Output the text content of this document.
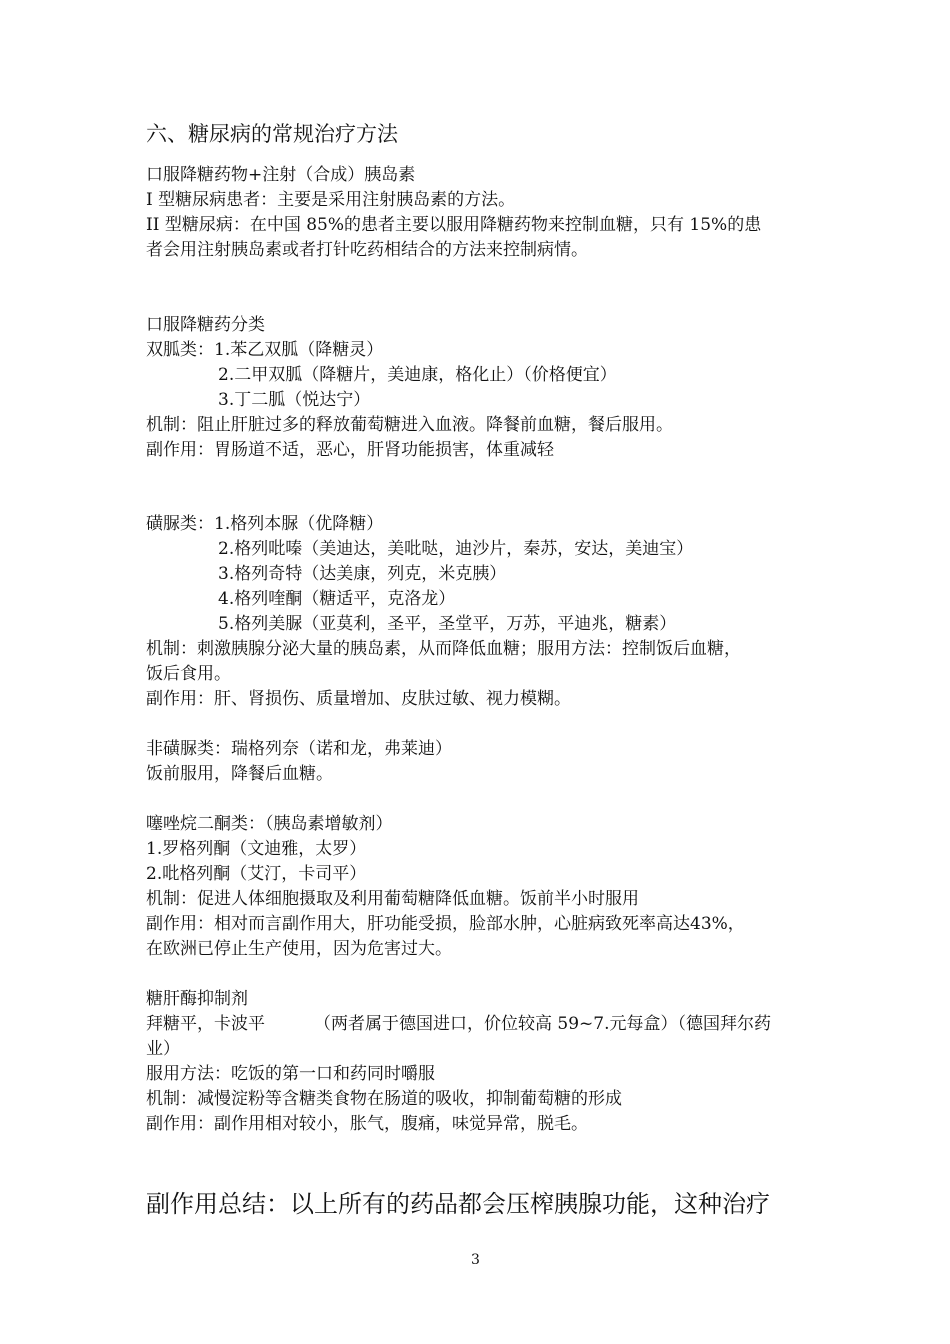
六、糖尿病的常规治疗方法
口服降糖药物+注射（合成）胰岛素
I 型糖尿病患者：主要是采用注射胰岛素的方法。
II 型糖尿病：在中国 85%的患者主要以服用降糖药物来控制血糖，只有 15%的患
者会用注射胰岛素或者打针吃药相结合的方法来控制病情。
口服降糖药分类
双胍类：1.苯乙双胍（降糖灵）
2.二甲双胍（降糖片，美迪康，格化止）（价格便宜）
3.丁二胍（悦达宁）
机制：阻止肝脏过多的释放葡萄糖进入血液。降餐前血糖，餐后服用。
副作用：胃肠道不适，恶心，肝肾功能损害，体重减轻
磺脲类：1.格列本脲（优降糖）
2.格列吡嗪（美迪达，美吡哒，迪沙片，秦苏，安达，美迪宝）
3.格列奇特（达美康，列克，米克胰）
4.格列喹酮（糖适平，克洛龙）
5.格列美脲（亚莫利，圣平，圣堂平，万苏，平迪兆，糖素）
机制：刺激胰腺分泌大量的胰岛素，从而降低血糖；服用方法：控制饭后血糖，
饭后食用。
副作用：肝、肾损伤、质量增加、皮肤过敏、视力模糊。
非磺脲类：瑞格列奈（诺和龙，弗莱迪）
饭前服用，降餐后血糖。
噻唑烷二酮类：（胰岛素增敏剂）
1.罗格列酮（文迪雅，太罗）
2.吡格列酮（艾汀，卡司平）
机制：促进人体细胞摄取及利用葡萄糖降低血糖。饭前半小时服用
副作用：相对而言副作用大，肝功能受损，脸部水肿，心脏病致死率高达43%，
在欧洲已停止生产使用，因为危害过大。
糖肝酶抑制剂
拜糖平，卡波平	（两者属于德国进口，价位较高 59~7.元每盒）（德国拜尔药
业）
服用方法：吃饭的第一口和药同时嚼服
机制：减慢淀粉等含糖类食物在肠道的吸收，抑制葡萄糖的形成
副作用：副作用相对较小，胀气，腹痛，味觉异常，脱毛。
副作用总结：以上所有的药品都会压榨胰腺功能，这种治疗
3
